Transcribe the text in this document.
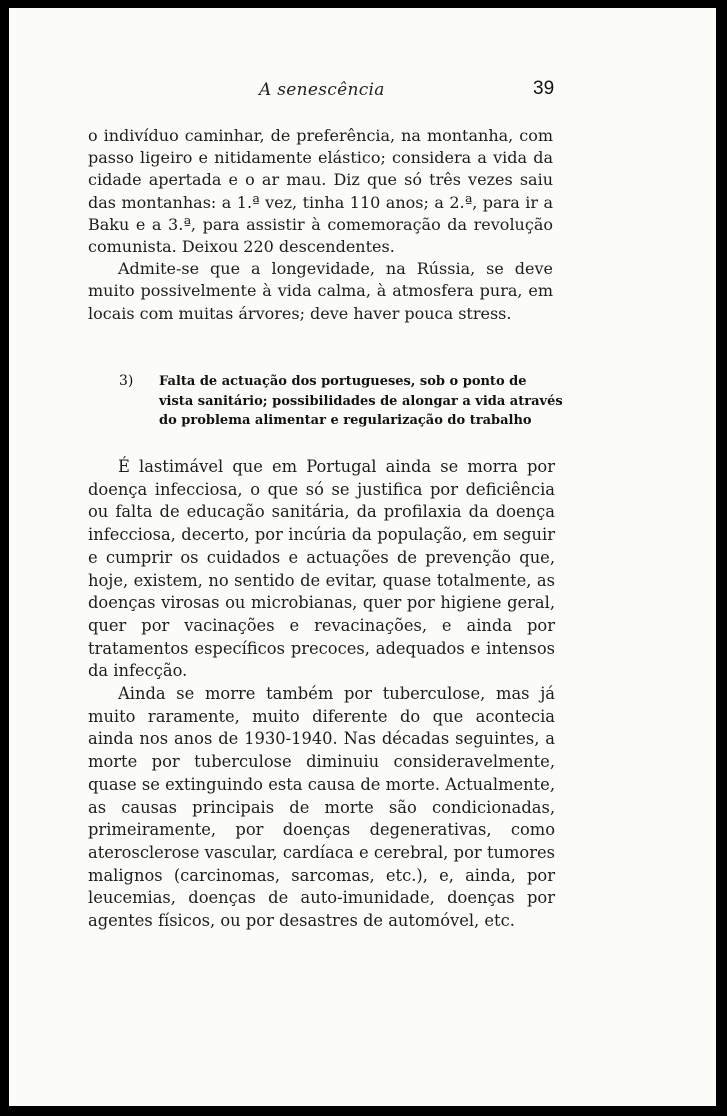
A senescência	39

o indivíduo caminhar, de preferência, na montanha, com passo ligeiro e nitidamente elástico; considera a vida da cidade apertada e o ar mau. Diz que só três vezes saiu das montanhas: a 1.ª vez, tinha 110 anos; a 2.ª, para ir a Baku e a 3.ª, para assistir à comemoração da revolução comunista. Deixou 220 descendentes.

Admite-se que a longevidade, na Rússia, se deve muito possivelmente à vida calma, à atmosfera pura, em locais com muitas árvores; deve haver pouca stress.

3) Falta de actuação dos portugueses, sob o ponto de vista sanitário; possibilidades de alongar a vida através do problema alimentar e regularização do trabalho

É lastimável que em Portugal ainda se morra por doença infecciosa, o que só se justifica por deficiência ou falta de educação sanitária, da profilaxia da doença infecciosa, decerto, por incúria da população, em seguir e cumprir os cuidados e actuações de prevenção que, hoje, existem, no sentido de evitar, quase totalmente, as doenças virosas ou microbianas, quer por higiene geral, quer por vacinações e revacinações, e ainda por tratamentos específicos precoces, adequados e intensos da infecção.

Ainda se morre também por tuberculose, mas já muito raramente, muito diferente do que acontecia ainda nos anos de 1930-1940. Nas décadas seguintes, a morte por tuberculose diminuiu consideravelmente, quase se extinguindo esta causa de morte. Actualmente, as causas principais de morte são condicionadas, primeiramente, por doenças degenerativas, como aterosclerose vascular, cardíaca e cerebral, por tumores malignos (carcinomas, sarcomas, etc.), e, ainda, por leucemias, doenças de auto-imunidade, doenças por agentes físicos, ou por desastres de automóvel, etc.
